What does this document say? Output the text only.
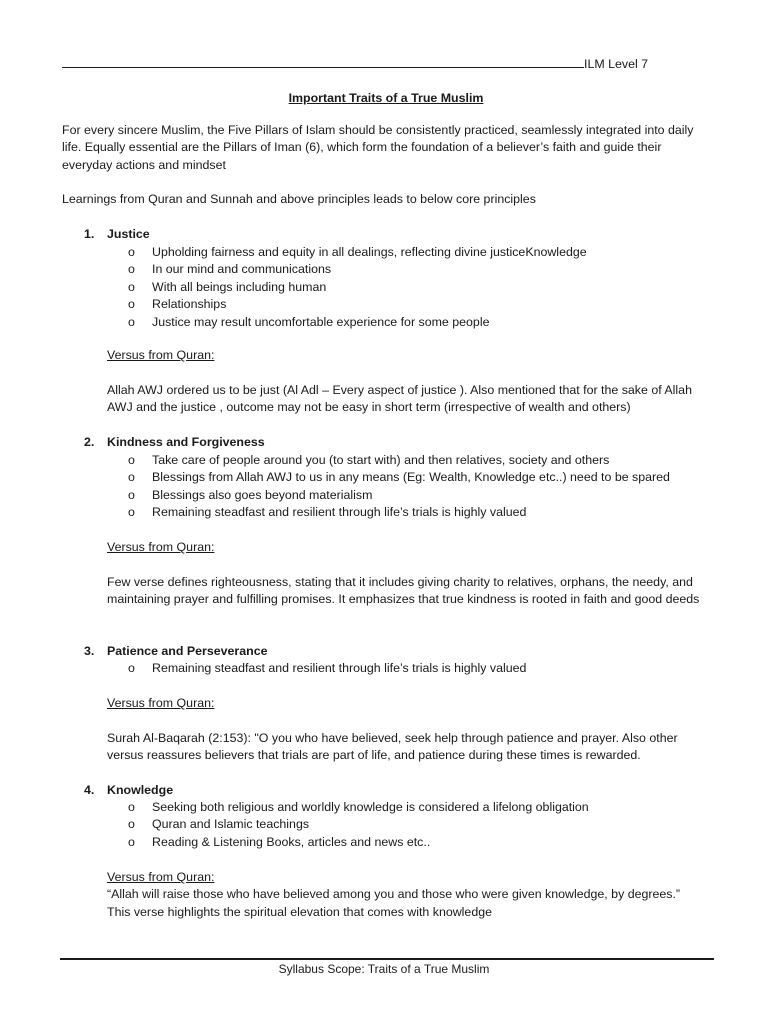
ILM Level 7
Important Traits of a True Muslim

For every sincere Muslim, the Five Pillars of Islam should be consistently practiced, seamlessly integrated into daily life. Equally essential are the Pillars of Iman (6), which form the foundation of a believer’s faith and guide their everyday actions and mindset

Learnings from Quran and Sunnah and above principles leads to below core principles

1. Justice
o Upholding fairness and equity in all dealings, reflecting divine justiceKnowledge
o In our mind and communications
o With all beings including human
o Relationships
o Justice may result uncomfortable experience for some people
Versus from Quran:

Allah AWJ ordered us to be just (Al Adl – Every aspect of justice ). Also mentioned that for the sake of Allah AWJ and the justice , outcome may not be easy in short term (irrespective of wealth and others)

2. Kindness and Forgiveness
o Take care of people around you (to start with) and then relatives, society and others
o Blessings from Allah AWJ to us in any means (Eg: Wealth, Knowledge etc..) need to be spared
o Blessings also goes beyond materialism
o Remaining steadfast and resilient through life’s trials is highly valued
Versus from Quran:

Few verse defines righteousness, stating that it includes giving charity to relatives, orphans, the needy, and maintaining prayer and fulfilling promises. It emphasizes that true kindness is rooted in faith and good deeds

3. Patience and Perseverance
o Remaining steadfast and resilient through life’s trials is highly valued
Versus from Quran:

Surah Al-Baqarah (2:153): "O you who have believed, seek help through patience and prayer. Also other versus reassures believers that trials are part of life, and patience during these times is rewarded.

4. Knowledge
o Seeking both religious and worldly knowledge is considered a lifelong obligation
o Quran and Islamic teachings
o Reading & Listening Books, articles and news etc..
Versus from Quran:

“Allah will raise those who have believed among you and those who were given knowledge, by degrees.”

This verse highlights the spiritual elevation that comes with knowledge

Syllabus Scope: Traits of a True Muslim
